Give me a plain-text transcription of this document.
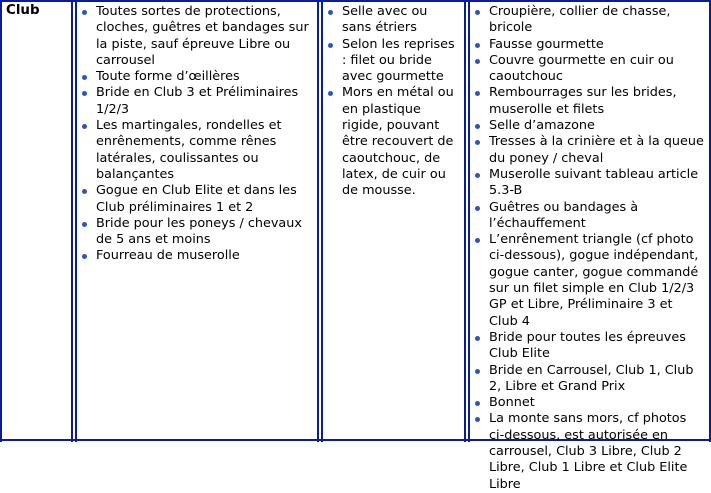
Club	Toutes sortes de protections, cloches, guêtres et bandages sur la piste, sauf épreuve Libre ou carrousel
Toute forme d’œillères
Bride en Club 3 et Préliminaires 1/2/3
Les martingales, rondelles et enrênements, comme rênes latérales, coulissantes ou balançantes
Gogue en Club Elite et dans les Club préliminaires 1 et 2
Bride pour les poneys / chevaux de 5 ans et moins
Fourreau de muserolle
Selle avec ou sans étriers
Selon les reprises : filet ou bride avec gourmette
Mors en métal ou en plastique rigide, pouvant être recouvert de caoutchouc, de latex, de cuir ou de mousse.
Croupière, collier de chasse, bricole
Fausse gourmette
Couvre gourmette en cuir ou caoutchouc
Rembourrages sur les brides, muserolle et filets
Selle d’amazone
Tresses à la crinière et à la queue du poney / cheval
Muserolle suivant tableau article 5.3-B
Guêtres ou bandages à l’échauffement
L’enrênement triangle (cf photo ci-dessous), gogue indépendant, gogue canter, gogue commandé sur un filet simple en Club 1/2/3 GP et Libre, Préliminaire 3 et Club 4
Bride pour toutes les épreuves Club Elite
Bride en Carrousel, Club 1, Club 2, Libre et Grand Prix
Bonnet
La monte sans mors, cf photos ci-dessous, est autorisée en carrousel, Club 3 Libre, Club 2 Libre, Club 1 Libre et Club Elite Libre
